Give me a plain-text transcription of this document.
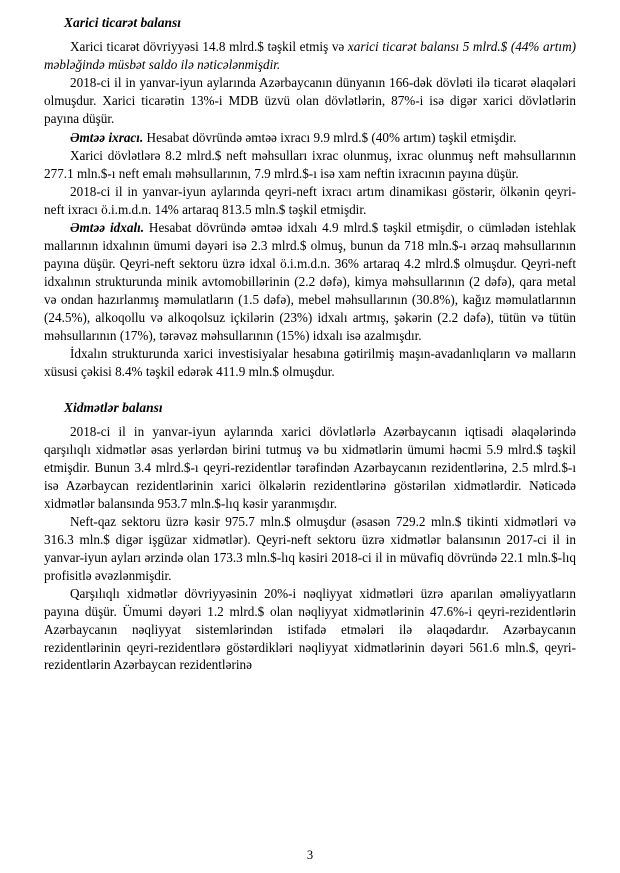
Xarici ticarət balansı

Xarici ticarət dövriyyəsi 14.8 mlrd.$ təşkil etmiş və xarici ticarət balansı 5 mlrd.$ (44% artım) məbləğində müsbət saldo ilə nəticələnmişdir.

2018-ci il in yanvar-iyun aylarında Azərbaycanın dünyanın 166-dək dövləti ilə ticarət əlaqələri olmuşdur. Xarici ticarətin 13%-i MDB üzvü olan dövlətlərin, 87%-i isə digər xarici dövlətlərin payına düşür.

Əmtəə ixracı. Hesabat dövründə əmtəə ixracı 9.9 mlrd.$ (40% artım) təşkil etmişdir.

Xarici dövlətlərə 8.2 mlrd.$ neft məhsulları ixrac olunmuş, ixrac olunmuş neft məhsullarının 277.1 mln.$-ı neft emalı məhsullarının, 7.9 mlrd.$-ı isə xam neftin ixracının payına düşür.

2018-ci il in yanvar-iyun aylarında qeyri-neft ixracı artım dinamikası göstərir, ölkənin qeyri-neft ixracı ö.i.m.d.n. 14% artaraq 813.5 mln.$ təşkil etmişdir.

Əmtəə idxalı. Hesabat dövründə əmtəə idxalı 4.9 mlrd.$ təşkil etmişdir, o cümlədən istehlak mallarının idxalının ümumi dəyəri isə 2.3 mlrd.$ olmuş, bunun da 718 mln.$-ı ərzaq məhsullarının payına düşür. Qeyri-neft sektoru üzrə idxal ö.i.m.d.n. 36% artaraq 4.2 mlrd.$ olmuşdur. Qeyri-neft idxalının strukturunda minik avtomobillərinin (2.2 dəfə), kimya məhsullarının (2 dəfə), qara metal və ondan hazırlanmış məmulatların (1.5 dəfə), mebel məhsullarının (30.8%), kağız məmulatlarının (24.5%), alkoqollu və alkoqolsuz içkilərin (23%) idxalı artmış, şəkərin (2.2 dəfə), tütün və tütün məhsullarının (17%), tərəvəz məhsullarının (15%) idxalı isə azalmışdır.

İdxalın strukturunda xarici investisiyalar hesabına gətirilmiş maşın-avadanlıqların və malların xüsusi çəkisi 8.4% təşkil edərək 411.9 mln.$ olmuşdur.

Xidmətlər balansı

2018-ci il in yanvar-iyun aylarında xarici dövlətlərlə Azərbaycanın iqtisadi əlaqələrində qarşılıqlı xidmətlər əsas yerlərdən birini tutmuş və bu xidmətlərin ümumi həcmi 5.9 mlrd.$ təşkil etmişdir. Bunun 3.4 mlrd.$-ı qeyri-rezidentlər tərəfindən Azərbaycanın rezidentlərinə, 2.5 mlrd.$-ı isə Azərbaycan rezidentlərinin xarici ölkələrin rezidentlərinə göstərilən xidmətlərdir. Nəticədə xidmətlər balansında 953.7 mln.$-lıq kəsir yaranmışdır.

Neft-qaz sektoru üzrə kəsir 975.7 mln.$ olmuşdur (əsasən 729.2 mln.$ tikinti xidmətləri və 316.3 mln.$ digər işgüzar xidmətlər). Qeyri-neft sektoru üzrə xidmətlər balansının 2017-ci il in yanvar-iyun ayları ərzində olan 173.3 mln.$-lıq kəsiri 2018-ci il in müvafiq dövründə 22.1 mln.$-lıq profisitlə əvəzlənmişdir.

Qarşılıqlı xidmətlər dövriyyəsinin 20%-i nəqliyyat xidmətləri üzrə aparılan əməliyyatların payına düşür. Ümumi dəyəri 1.2 mlrd.$ olan nəqliyyat xidmətlərinin 47.6%-i qeyri-rezidentlərin Azərbaycanın nəqliyyat sistemlərindən istifadə etmələri ilə əlaqədardır. Azərbaycanın rezidentlərinin qeyri-rezidentlərə göstərdikləri nəqliyyat xidmətlərinin dəyəri 561.6 mln.$, qeyri-rezidentlərin Azərbaycan rezidentlərinə

3
